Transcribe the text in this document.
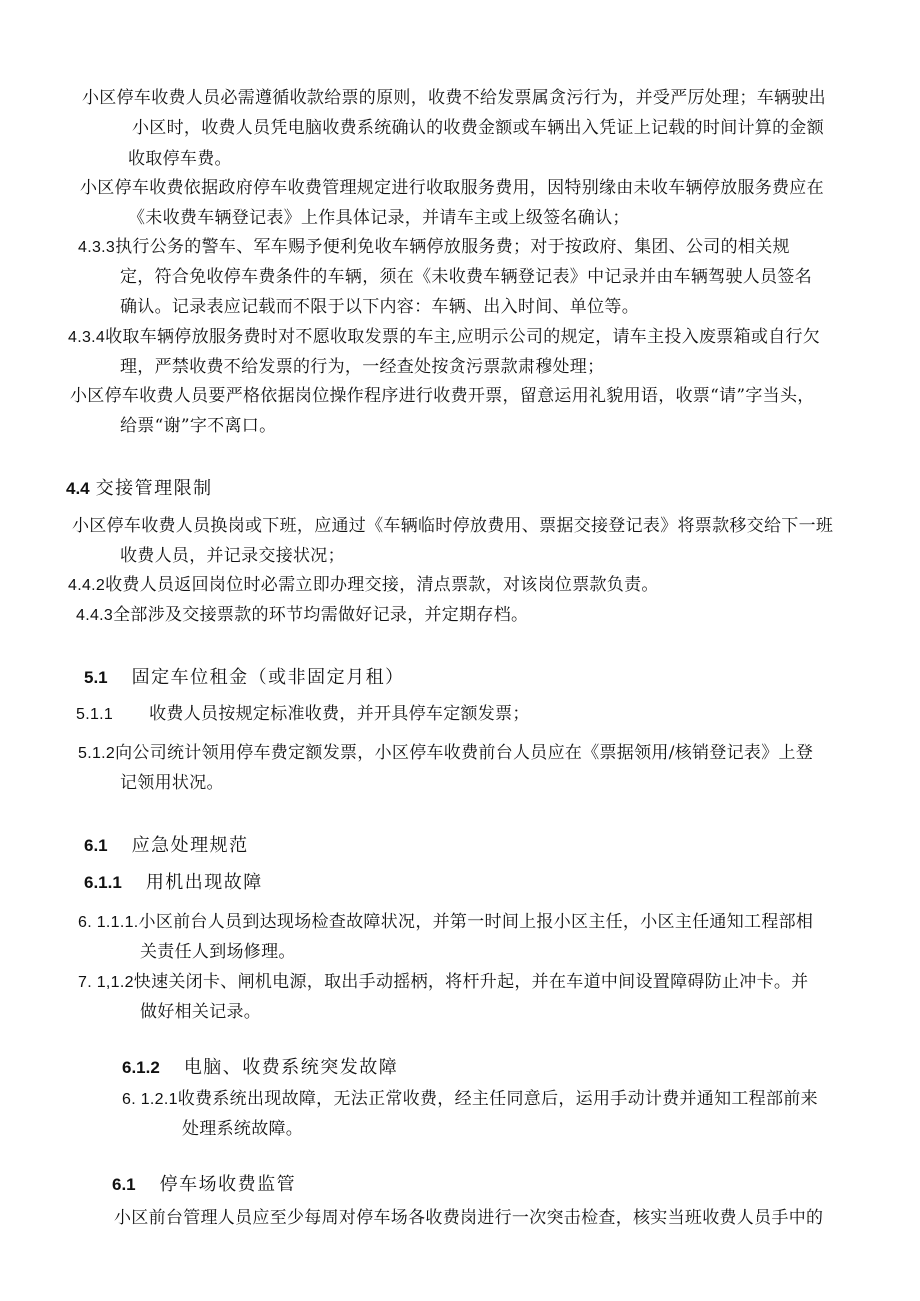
小区停车收费人员必需遵循收款给票的原则，收费不给发票属贪污行为，并受严厉处理；车辆驶出
小区时，收费人员凭电脑收费系统确认的收费金额或车辆出入凭证上记载的时间计算的金额
收取停车费。
小区停车收费依据政府停车收费管理规定进行收取服务费用，因特别缘由未收车辆停放服务费应在
《未收费车辆登记表》上作具体记录，并请车主或上级签名确认；
4.3.3执行公务的警车、军车赐予便利免收车辆停放服务费；对于按政府、集团、公司的相关规
定，符合免收停车费条件的车辆，须在《未收费车辆登记表》中记录并由车辆驾驶人员签名
确认。记录表应记载而不限于以下内容：车辆、出入时间、单位等。
4.3.4收取车辆停放服务费时对不愿收取发票的车主,应明示公司的规定，请车主投入废票箱或自行欠
理，严禁收费不给发票的行为，一经查处按贪污票款肃穆处理；
小区停车收费人员要严格依据岗位操作程序进行收费开票，留意运用礼貌用语，收票“请”字当头，
给票“谢”字不离口。
4.4 交接管理限制
小区停车收费人员换岗或下班，应通过《车辆临时停放费用、票据交接登记表》将票款移交给下一班
收费人员，并记录交接状况；
4.4.2收费人员返回岗位时必需立即办理交接，清点票款，对该岗位票款负责。
4.4.3全部涉及交接票款的环节均需做好记录，并定期存档。
5.1 固定车位租金（或非固定月租）
5.1.1 收费人员按规定标准收费，并开具停车定额发票；
5.1.2向公司统计领用停车费定额发票，小区停车收费前台人员应在《票据领用/核销登记表》上登
记领用状况。
6.1 应急处理规范
6.1.1 用机出现故障
6. 1.1.1.小区前台人员到达现场检查故障状况，并第一时间上报小区主任，小区主任通知工程部相
关责任人到场修理。
7. 1,1.2快速关闭卡、闸机电源，取出手动摇柄，将杆升起，并在车道中间设置障碍防止冲卡。并
做好相关记录。
6.1.2 电脑、收费系统突发故障
6. 1.2.1收费系统出现故障，无法正常收费，经主任同意后，运用手动计费并通知工程部前来
处理系统故障。
6.1 停车场收费监管
小区前台管理人员应至少每周对停车场各收费岗进行一次突击检查，核实当班收费人员手中的
